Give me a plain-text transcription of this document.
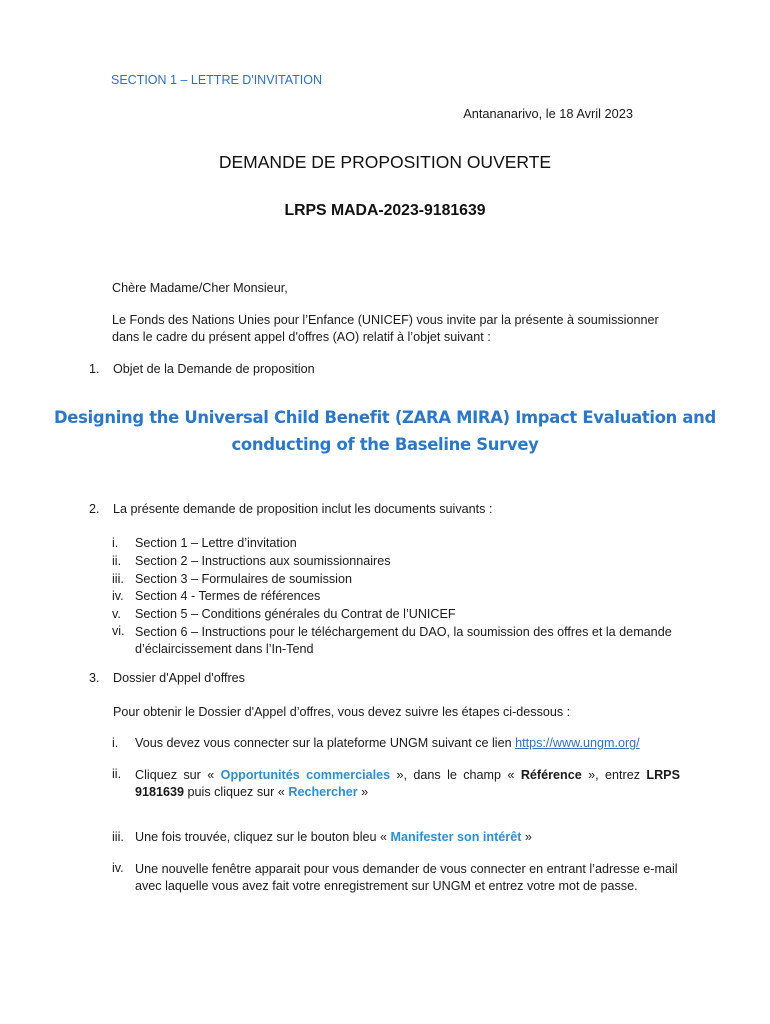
SECTION 1 – LETTRE D'INVITATION
Antananarivo, le 18 Avril 2023
DEMANDE DE PROPOSITION OUVERTE
LRPS MADA-2023-9181639
Chère Madame/Cher Monsieur,
Le Fonds des Nations Unies pour l’Enfance (UNICEF) vous invite par la présente à soumissionner dans le cadre du présent appel d'offres (AO) relatif à l’objet suivant :
1. Objet de la Demande de proposition
Designing the Universal Child Benefit (ZARA MIRA) Impact Evaluation and
conducting of the Baseline Survey
2. La présente demande de proposition inclut les documents suivants :
i.	Section 1 – Lettre d’invitation
ii.	Section 2 – Instructions aux soumissionnaires
iii. Section 3 – Formulaires de soumission
iv. Section 4 - Termes de références
v.	Section 5 – Conditions générales du Contrat de l’UNICEF
vi. Section 6 – Instructions pour le téléchargement du DAO, la soumission des offres et la demande d’éclaircissement dans l’In-Tend
3. Dossier d'Appel d'offres
Pour obtenir le Dossier d'Appel d’offres, vous devez suivre les étapes ci-dessous :
i.	Vous devez vous connecter sur la plateforme UNGM suivant ce lien https://www.ungm.org/
ii.	Cliquez sur « Opportunités commerciales », dans le champ « Référence », entrez LRPS 9181639 puis cliquez sur « Rechercher »
iii. Une fois trouvée, cliquez sur le bouton bleu « Manifester son intérêt »
iv. Une nouvelle fenêtre apparait pour vous demander de vous connecter en entrant l’adresse e-mail avec laquelle vous avez fait votre enregistrement sur UNGM et entrez votre mot de passe.
